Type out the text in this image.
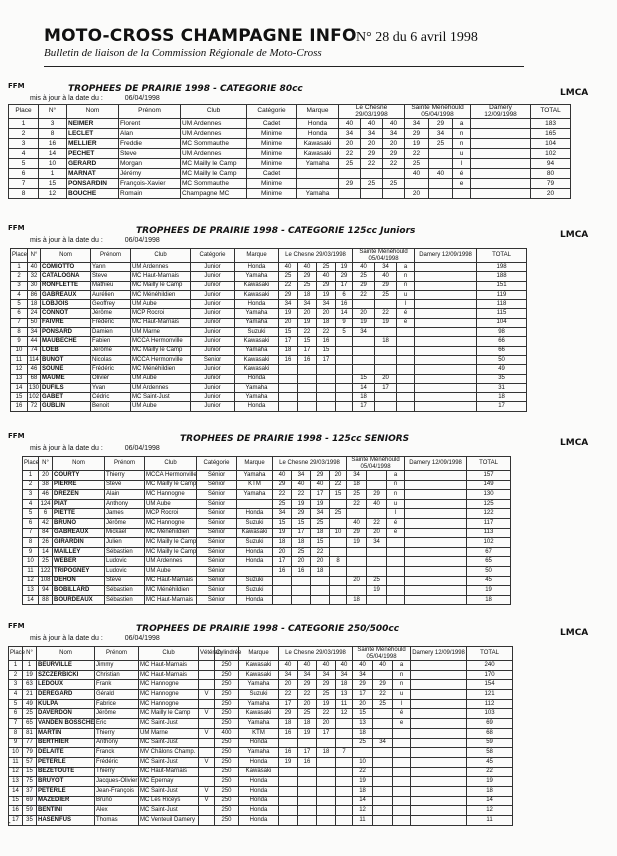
MOTO-CROSS CHAMPAGNE INFO N° 28 du 6 avril 1998
Bulletin de liaison de la Commission Régionale de Moto-Cross
FFM	TROPHEES DE PRAIRIE 1998 - CATEGORIE 80cc	LMCA
mis à jour à la date du :	06/04/1998
Place	N°	Nom	Prénom	Club	Catégorie	Marque	Le Chesne 29/03/1998			Sainte Ménéhould 05/04/1998			Damery 12/09/1998	TOTAL
1	3	NEIMER	Florent	UM Ardennes	Cadet	Honda	40	40	40	34	29	a		183
2	8	LECLET	Alan	UM Ardennes	Minime	Honda	34	34	34	29	34	n		165
3	16	MELLIER	Freddie	MC Sommauthe	Minime	Kawasaki	20	20	20	19	25	n		104
4	14	PECHET	Steve	UM Ardennes	Minime	Kawasaki	22	29	29	22		u		102
5	10	GERARD	Morgan	MC Mailly le Camp	Minime	Yamaha	25	22	22	25		l		94
6	1	MARNAT	Jérémy	MC Mailly le Camp	Cadet					40	40	é		80
7	15	PONSARDIN	François-Xavier	MC Sommauthe	Minime		29	25	25			e		79
8	12	BOUCHE	Romain	Champagne MC	Minime	Yamaha				20				20
FFM	TROPHEES DE PRAIRIE 1998 - CATEGORIE 125cc Juniors	LMCA
mis à jour à la date du :	06/04/1998
Place	N°	Nom	Prénom	Club	Catégorie	Marque	Le Chesne 29/03/1998				Sainte Ménéhould 05/04/1998			Damery 12/09/1998	TOTAL
1	40	COMIOTTO	Yann	UM Ardennes	Junior	Honda	40	40	25	19	40	34	a		198
2	32	CATALOGNA	Steve	MC Haut-Marnais	Junior	Yamaha	25	29	40	29	25	40	n		188
3	30	RONFLETTE	Mathieu	MC Mailly le Camp	Junior	Kawasaki	22	25	29	17	29	29	n		151
4	86	GABREAUX	Aurélien	MC Ménéhildien	Junior	Kawasaki	29	18	19	6	22	25	u		119
5	18	LOBJOIS	Geoffrey	UM Aube	Junior	Honda	34	34	34	16			l		118
6	24	CONNOT	Jérôme	MCP Rocroi	Junior	Yamaha	19	20	20	14	20	22	é		115
7	50	FAIVRE	Frédéric	MC Haut-Marnais	Junior	Yamaha	20	19	18	9	19	19	e		104
8	34	PONSARD	Damien	UM Marne	Junior	Suzuki	15	22	22	5	34				98
9	44	MAUBECHE	Fabien	MCCA Hermonville	Junior	Kawasaki	17	15	16			18			66
10	74	LOEB	Jérôme	MC Mailly le Camp	Junior	Yamaha	18	17	15						66
11	114	BUNOT	Nicolas	MCCA Hermonville	Senior	Kawasaki	16	16	17						50
12	46	SOUNE	Frédéric	MC Ménéhildien	Junior	Kawasaki									49
13	68	MAUME	Olivier	UM Aube	Junior	Honda					15	20			35
14	130	DUFILS	Yvan	UM Ardennes	Junior	Yamaha					14	17			31
15	102	GABET	Cédric	MC Saint-Just	Junior	Yamaha					18				18
16	72	GUBLIN	Benoit	UM Aube	Junior	Honda					17				17
FFM	TROPHEES DE PRAIRIE 1998 - 125cc SENIORS	LMCA
mis à jour à la date du :	06/04/1998
Place	N°	Nom	Prénom	Club	Catégorie	Marque	Le Chesne 29/03/1998				Sainte Ménéhould 05/04/1998			Damery 12/09/1998	TOTAL
1	20	COURTY	Thierry	MCCA Hermonville	Sénior	Yamaha	40	34	29	20	34		a		157
2	38	PIERRE	Steve	MC Mailly le Camp	Sénior	KTM	29	40	40	22	18		n		149
3	46	DREZEN	Alain	MC Hannogne	Sénior	Yamaha	22	22	17	15	25	29	n		130
4	124	PIAT	Anthony	UM Aube	Sénior		25	19	19		22	40	u		125
5	6	PIETTE	James	MCP Rocroi	Sénior	Honda	34	29	34	25			l		122
6	42	BRUNO	Jérôme	MC Hannogne	Sénior	Suzuki	15	15	25		40	22	é		117
7	84	GABREAUX	Mickael	MC Ménéhildien	Sénior	Kawasaki	19	17	18	10	29	20	e		113
8	26	GIRARDIN	Julien	MC Mailly le Camp	Sénior	Suzuki	18	18	15		19	34			102
9	14	MAILLEY	Sébastien	MC Mailly le Camp	Sénior	Honda	20	25	22						67
10	25	WEBER	Ludovic	UM Ardennes	Sénior	Honda	17	20	20	8					65
11	122	TRIPOGNEY	Ludovic	UM Aube	Sénior		16	16	18						50
12	108	DEHON	Steve	MC Haut-Marnais	Sénior	Suzuki					20	25			45
13	94	BOBILLARD	Sébastien	MC Ménéhildien	Sénior	Suzuki						19			19
14	88	BOURDEAUX	Sébastien	MC Haut-Marnais	Sénior	Honda					18				18
FFM	TROPHEES DE PRAIRIE 1998 - CATEGORIE 250/500cc	LMCA
mis à jour à la date du :	06/04/1998
Place	N°	Nom	Prénom	Club	Vétéran	Cylindrée	Marque	Le Chesne 29/03/1998				Sainte Ménéhould 05/04/1998			Damery 12/09/1998	TOTAL
1	1	BEURVILLE	Jimmy	MC Haut-Marnais		250	Kawasaki	40	40	40	40	40	40	a		240
2	19	SZCZERBICKI	Christian	MC Haut-Marnais		250	Kawasaki	34	34	34	34	34		n		170
3	63	LEDOUX	Frank	MC Hannogne		250	Yamaha	20	29	29	18	29	29	n		154
4	21	DEREGARD	Gérald	MC Hannogne	V	250	Suzuki	22	22	25	13	17	22	u		121
5	49	KULPA	Fabrice	MC Hannogne		250	Yamaha	17	20	19	11	20	25	l		112
6	25	DAVERDON	Jérôme	MC Mailly le Camp	V	250	Kawasaki	29	25	22	12	15		é		103
7	65	VANDEN BOSSCHE	Eric	MC Saint-Just		250	Yamaha	18	18	20		13		e		69
8	81	MARTIN	Thierry	UM Marne	V	400	KTM	16	19	17		18				68
9	77	BERTHIER	Anthony	MC Saint-Just		250	Honda					25	34			59
10	79	DELAITE	Franck	MV Châlons Champ.		250	Yamaha	16	17	18	7					58
11	57	PETERLE	Frédéric	MC Saint-Just	V	250	Honda	19	16			10				45
12	15	BEZETOUTE	Thierry	MC Haut-Marnais		250	Kawasaki					22				22
13	75	BRUYOT	Jacques-Olivier	MC Epernay		250	Honda					19				19
14	37	PETERLE	Jean-François	MC Saint-Just	V	250	Honda					18				18
15	69	MAZEDIER	Bruno	MC Les Riceys	V	250	Honda					14				14
16	59	BENTINI	Alex	MC Saint-Just		250	Honda					12				12
17	35	HASENFUS	Thomas	MC Venteuil Damery		250	Honda					11				11
-
